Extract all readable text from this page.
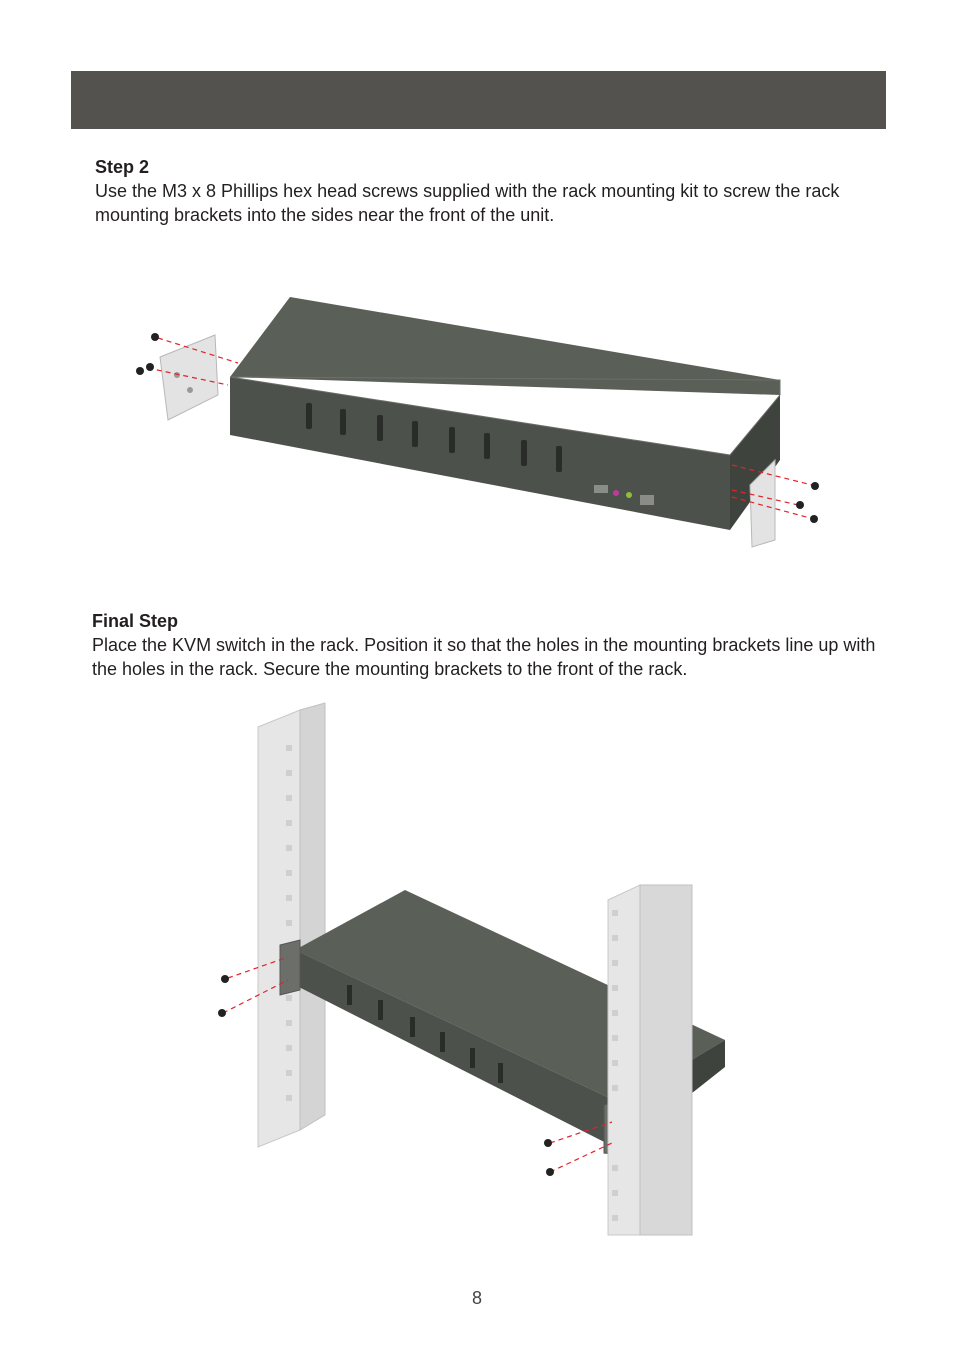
Step 2
Use the M3 x 8 Phillips hex head screws supplied with the rack mounting kit to screw the rack mounting brackets into the sides near the front of the unit.
Final Step
Place the KVM switch in the rack. Position it so that the holes in the mounting brackets line up with the holes in the rack. Secure the mounting brackets to the front of the rack.
8
